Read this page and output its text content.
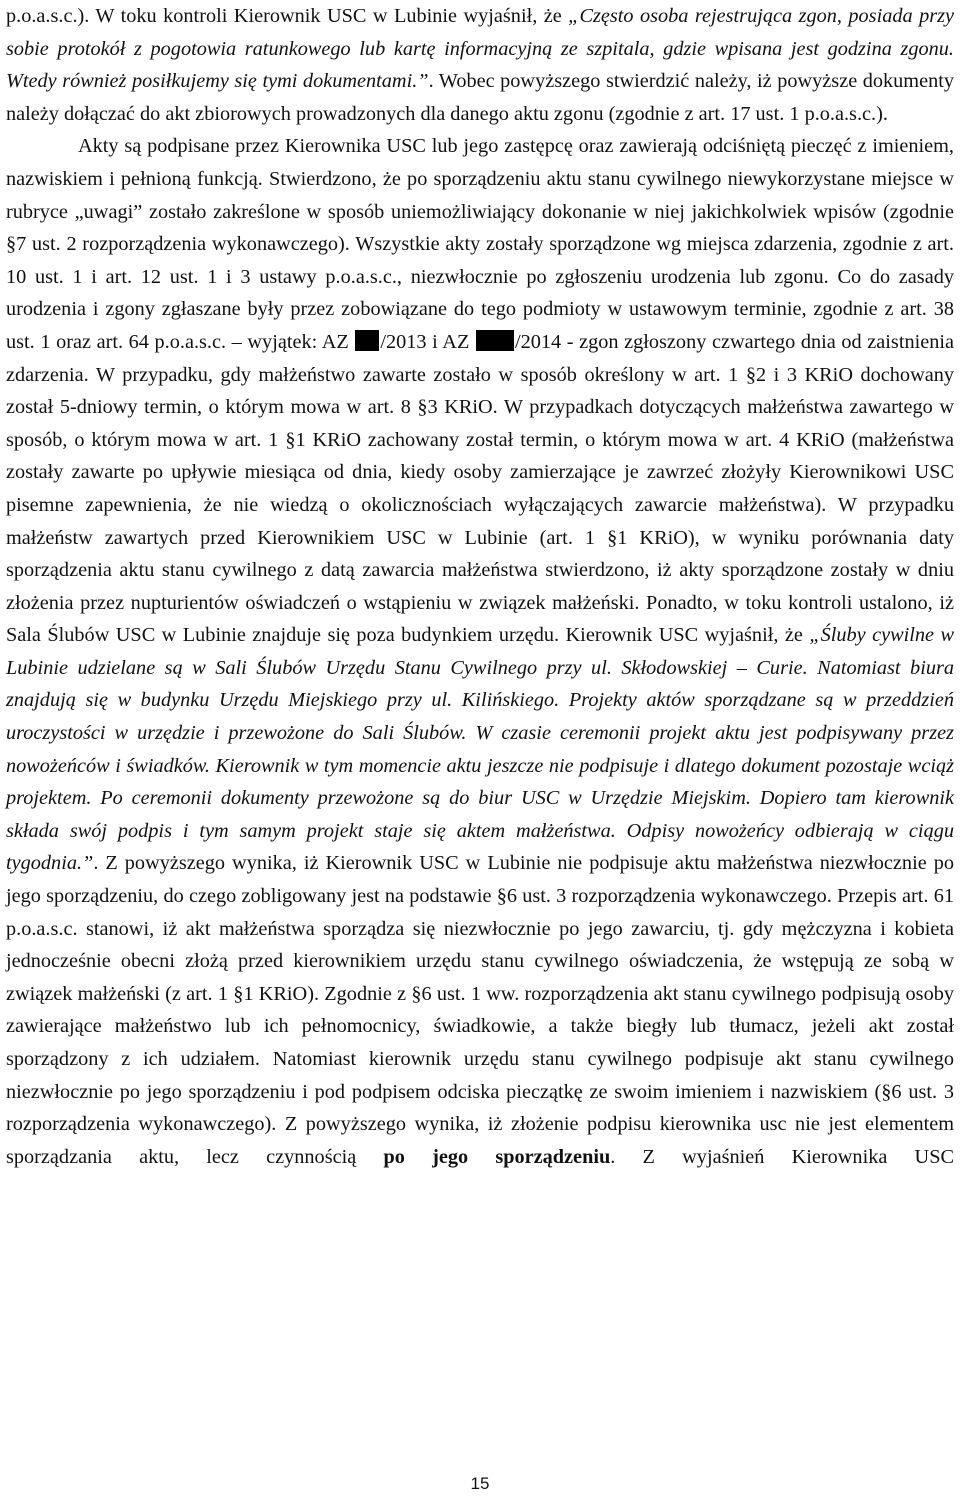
p.o.a.s.c.). W toku kontroli Kierownik USC w Lubinie wyjaśnił, że „Często osoba rejestrująca zgon, posiada przy sobie protokół z pogotowia ratunkowego lub kartę informacyjną ze szpitala, gdzie wpisana jest godzina zgonu. Wtedy również posiłkujemy się tymi dokumentami.”. Wobec powyższego stwierdzić należy, iż powyższe dokumenty należy dołączać do akt zbiorowych prowadzonych dla danego aktu zgonu (zgodnie z art. 17 ust. 1 p.o.a.s.c.).

Akty są podpisane przez Kierownika USC lub jego zastępcę oraz zawierają odciśniętą pieczęć z imieniem, nazwiskiem i pełnioną funkcją. Stwierdzono, że po sporządzeniu aktu stanu cywilnego niewykorzystane miejsce w rubryce „uwagi” zostało zakreślone w sposób uniemożliwiający dokonanie w niej jakichkolwiek wpisów (zgodnie §7 ust. 2 rozporządzenia wykonawczego). Wszystkie akty zostały sporządzone wg miejsca zdarzenia, zgodnie z art. 10 ust. 1 i art. 12 ust. 1 i 3 ustawy p.o.a.s.c., niezwłocznie po zgłoszeniu urodzenia lub zgonu. Co do zasady urodzenia i zgony zgłaszane były przez zobowiązane do tego podmioty w ustawowym terminie, zgodnie z art. 38 ust. 1 oraz art. 64 p.o.a.s.c. – wyjątek: AZ /2013 i AZ /2014 - zgon zgłoszony czwartego dnia od zaistnienia zdarzenia. W przypadku, gdy małżeństwo zawarte zostało w sposób określony w art. 1 §2 i 3 KRiO dochowany został 5-dniowy termin, o którym mowa w art. 8 §3 KRiO. W przypadkach dotyczących małżeństwa zawartego w sposób, o którym mowa w art. 1 §1 KRiO zachowany został termin, o którym mowa w art. 4 KRiO (małżeństwa zostały zawarte po upływie miesiąca od dnia, kiedy osoby zamierzające je zawrzeć złożyły Kierownikowi USC pisemne zapewnienia, że nie wiedzą o okolicznościach wyłączających zawarcie małżeństwa). W przypadku małżeństw zawartych przed Kierownikiem USC w Lubinie (art. 1 §1 KRiO), w wyniku porównania daty sporządzenia aktu stanu cywilnego z datą zawarcia małżeństwa stwierdzono, iż akty sporządzone zostały w dniu złożenia przez nupturientów oświadczeń o wstąpieniu w związek małżeński. Ponadto, w toku kontroli ustalono, iż Sala Ślubów USC w Lubinie znajduje się poza budynkiem urzędu. Kierownik USC wyjaśnił, że „Śluby cywilne w Lubinie udzielane są w Sali Ślubów Urzędu Stanu Cywilnego przy ul. Skłodowskiej – Curie. Natomiast biura znajdują się w budynku Urzędu Miejskiego przy ul. Kilińskiego. Projekty aktów sporządzane są w przeddzień uroczystości w urzędzie i przewożone do Sali Ślubów. W czasie ceremonii projekt aktu jest podpisywany przez nowożeńców i świadków. Kierownik w tym momencie aktu jeszcze nie podpisuje i dlatego dokument pozostaje wciąż projektem. Po ceremonii dokumenty przewożone są do biur USC w Urzędzie Miejskim. Dopiero tam kierownik składa swój podpis i tym samym projekt staje się aktem małżeństwa. Odpisy nowożeńcy odbierają w ciągu tygodnia.”. Z powyższego wynika, iż Kierownik USC w Lubinie nie podpisuje aktu małżeństwa niezwłocznie po jego sporządzeniu, do czego zobligowany jest na podstawie §6 ust. 3 rozporządzenia wykonawczego. Przepis art. 61 p.o.a.s.c. stanowi, iż akt małżeństwa sporządza się niezwłocznie po jego zawarciu, tj. gdy mężczyzna i kobieta jednocześnie obecni złożą przed kierownikiem urzędu stanu cywilnego oświadczenia, że wstępują ze sobą w związek małżeński (z art. 1 §1 KRiO). Zgodnie z §6 ust. 1 ww. rozporządzenia akt stanu cywilnego podpisują osoby zawierające małżeństwo lub ich pełnomocnicy, świadkowie, a także biegły lub tłumacz, jeżeli akt został sporządzony z ich udziałem. Natomiast kierownik urzędu stanu cywilnego podpisuje akt stanu cywilnego niezwłocznie po jego sporządzeniu i pod podpisem odciska pieczątkę ze swoim imieniem i nazwiskiem (§6 ust. 3 rozporządzenia wykonawczego). Z powyższego wynika, iż złożenie podpisu kierownika usc nie jest elementem sporządzania aktu, lecz czynnością po jego sporządzeniu. Z wyjaśnień Kierownika USC

15
